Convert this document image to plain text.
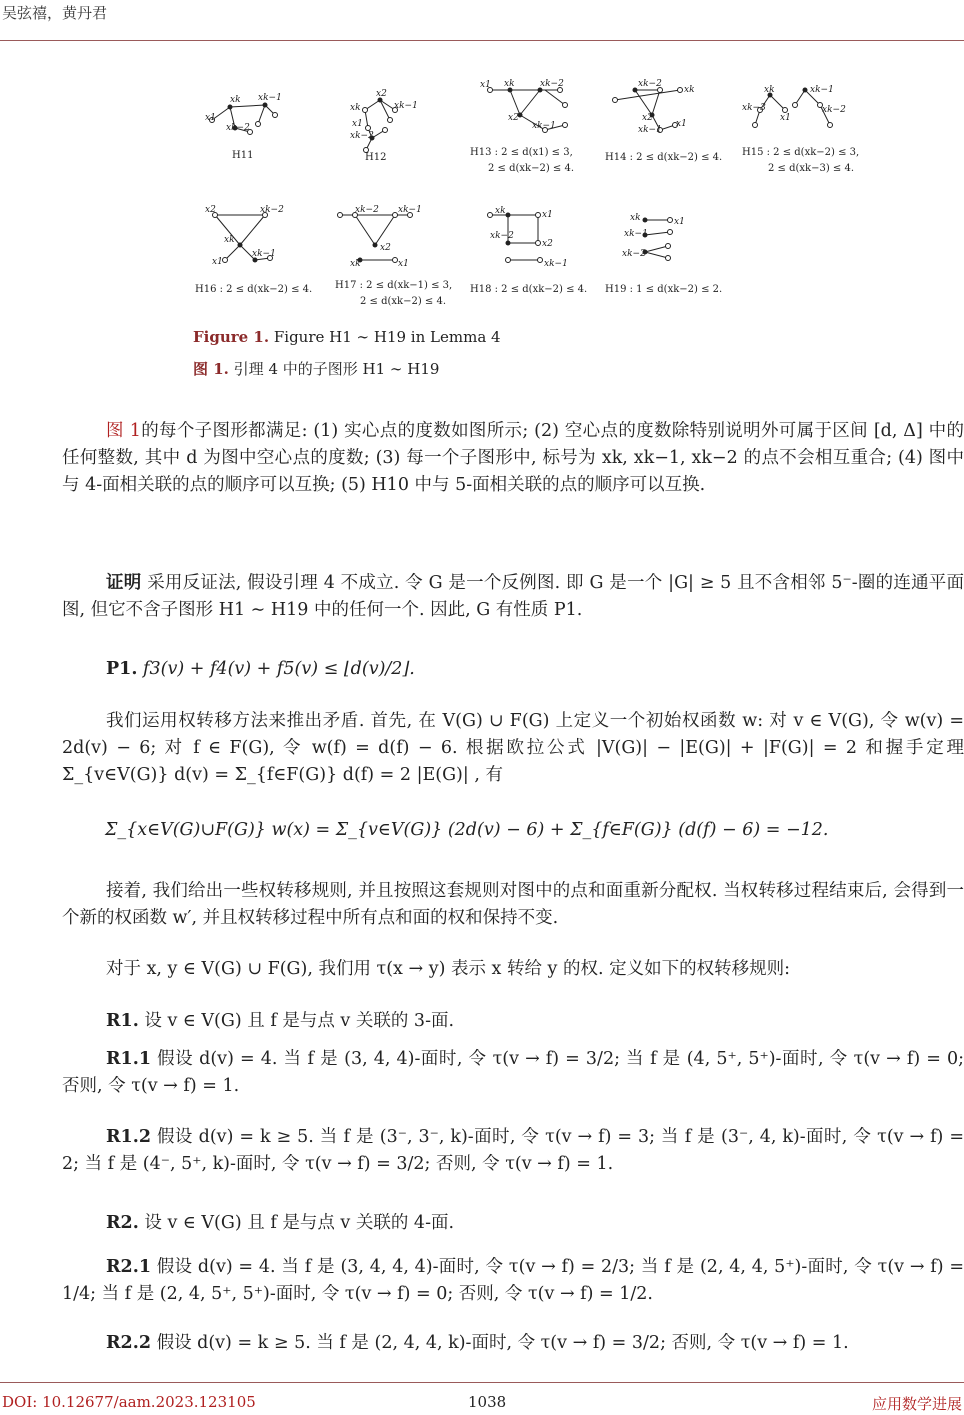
吴弦禧，黄丹君
xk xk−1
x1
xk−2
x2
xk−1
xk
x1
xk−2
x1 xk	xk−2
x2
xk−1
xk−2
xk
x2
xk−1
x1
xk	xk−1
xk−3
x1
xk−2
x2	xk−2
xk
x1
xk−1
xk−2 xk−1
x2
xk	x1
xk	x1
xk−2
x2
xk−1
xk	x1
xk−1
xk−2
H11	H12	H13 : 2 ≤ d(x1) ≤ 3,
2 ≤ d(xk−2) ≤ 4.
H14 : 2 ≤ d(xk−2) ≤ 4. H15 : 2 ≤ d(xk−2) ≤ 3,
2 ≤ d(xk−3) ≤ 4.
H16 : 2 ≤ d(xk−2) ≤ 4. H17 : 2 ≤ d(xk−1) ≤ 3,
2 ≤ d(xk−2) ≤ 4.
H18 : 2 ≤ d(xk−2) ≤ 4. H19 : 1 ≤ d(xk−2) ≤ 2.
Figure 1. Figure H1 ∼ H19 in Lemma 4
图 1. 引理 4 中的子图形 H1 ∼ H19
图 1的每个子图形都满足: (1) 实心点的度数如图所示; (2) 空心点的度数除特别说明外可属于区间 [d, Δ] 中的任何整数, 其中 d 为图中空心点的度数; (3) 每一个子图形中, 标号为 xk, xk−1, xk−2 的点不会相互重合; (4) 图中与 4-面相关联的点的顺序可以互换; (5) H10 中与 5-面相关联的点的顺序可以互换.
证明 采用反证法, 假设引理 4 不成立. 令 G 是一个反例图. 即 G 是一个 |G| ≥ 5 且不含相邻 5⁻-圈的连通平面图, 但它不含子图形 H1 ∼ H19 中的任何一个. 因此, G 有性质 P1.
P1. f3(v) + f4(v) + f5(v) ≤ ⌊d(v)/2⌋.
我们运用权转移方法来推出矛盾. 首先, 在 V(G) ∪ F(G) 上定义一个初始权函数 w: 对 v ∈ V(G), 令 w(v) = 2d(v) − 6; 对 f ∈ F(G), 令 w(f) = d(f) − 6. 根据欧拉公式 |V(G)| − |E(G)| + |F(G)| = 2 和握手定理 Σ_{v∈V(G)} d(v) = Σ_{f∈F(G)} d(f) = 2 |E(G)| , 有
Σ_{x∈V(G)∪F(G)} w(x) = Σ_{v∈V(G)} (2d(v) − 6) + Σ_{f∈F(G)} (d(f) − 6) = −12.
接着, 我们给出一些权转移规则, 并且按照这套规则对图中的点和面重新分配权. 当权转移过程结束后, 会得到一个新的权函数 w′, 并且权转移过程中所有点和面的权和保持不变.
对于 x, y ∈ V(G) ∪ F(G), 我们用 τ(x → y) 表示 x 转给 y 的权. 定义如下的权转移规则:
R1. 设 v ∈ V(G) 且 f 是与点 v 关联的 3-面.
R1.1 假设 d(v) = 4. 当 f 是 (3, 4, 4)-面时, 令 τ(v → f) = 3/2; 当 f 是 (4, 5⁺, 5⁺)-面时, 令 τ(v → f) = 0; 否则, 令 τ(v → f) = 1.
R1.2 假设 d(v) = k ≥ 5. 当 f 是 (3⁻, 3⁻, k)-面时, 令 τ(v → f) = 3; 当 f 是 (3⁻, 4, k)-面时, 令 τ(v → f) = 2; 当 f 是 (4⁻, 5⁺, k)-面时, 令 τ(v → f) = 3/2; 否则, 令 τ(v → f) = 1.
R2. 设 v ∈ V(G) 且 f 是与点 v 关联的 4-面.
R2.1 假设 d(v) = 4. 当 f 是 (3, 4, 4, 4)-面时, 令 τ(v → f) = 2/3; 当 f 是 (2, 4, 4, 5⁺)-面时, 令 τ(v → f) = 1/4; 当 f 是 (2, 4, 5⁺, 5⁺)-面时, 令 τ(v → f) = 0; 否则, 令 τ(v → f) = 1/2.
R2.2 假设 d(v) = k ≥ 5. 当 f 是 (2, 4, 4, k)-面时, 令 τ(v → f) = 3/2; 否则, 令 τ(v → f) = 1.
DOI: 10.12677/aam.2023.123105	1038	应用数学进展
